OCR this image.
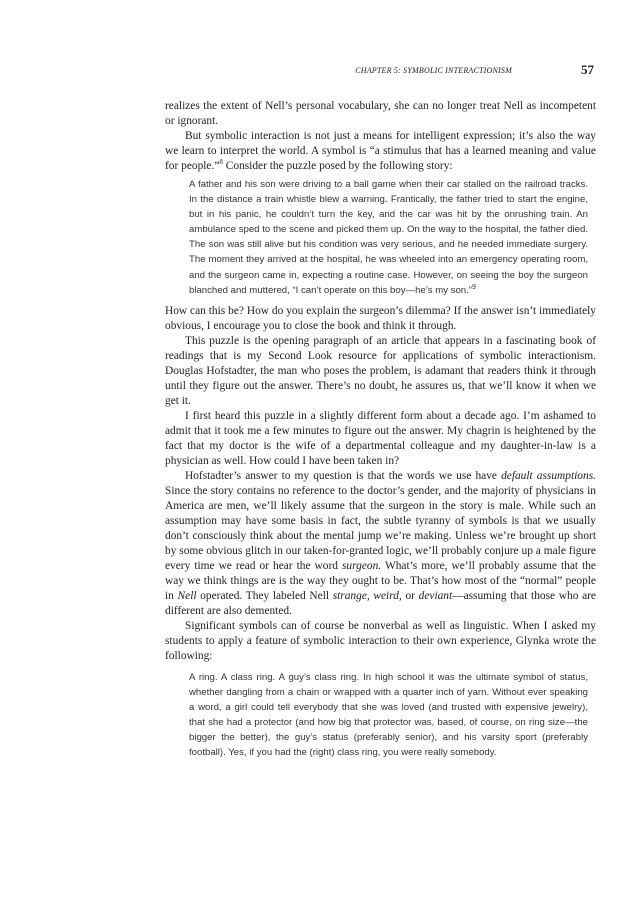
CHAPTER 5: SYMBOLIC INTERACTIONISM	57

realizes the extent of Nell’s personal vocabulary, she can no longer treat Nell as incompetent or ignorant.

But symbolic interaction is not just a means for intelligent expression; it’s also the way we learn to interpret the world. A symbol is “a stimulus that has a learned meaning and value for people.”$^8$ Consider the puzzle posed by the following story:

A father and his son were driving to a ball game when their car stalled on the railroad tracks. In the distance a train whistle blew a warning. Frantically, the father tried to start the engine, but in his panic, he couldn’t turn the key, and the car was hit by the onrushing train. An ambulance sped to the scene and picked them up. On the way to the hospital, the father died. The son was still alive but his condition was very serious, and he needed immediate surgery. The moment they arrived at the hospital, he was wheeled into an emergency operating room, and the surgeon came in, expecting a routine case. However, on seeing the boy the surgeon blanched and muttered, “I can’t operate on this boy—he’s my son.”$^9$

How can this be? How do you explain the surgeon’s dilemma? If the answer isn’t immediately obvious, I encourage you to close the book and think it through.

This puzzle is the opening paragraph of an article that appears in a fascinating book of readings that is my Second Look resource for applications of symbolic interactionism. Douglas Hofstadter, the man who poses the problem, is adamant that readers think it through until they figure out the answer. There’s no doubt, he assures us, that we’ll know it when we get it.

I first heard this puzzle in a slightly different form about a decade ago. I’m ashamed to admit that it took me a few minutes to figure out the answer. My chagrin is heightened by the fact that my doctor is the wife of a departmental colleague and my daughter-in-law is a physician as well. How could I have been taken in?

Hofstadter’s answer to my question is that the words we use have default assumptions. Since the story contains no reference to the doctor’s gender, and the majority of physicians in America are men, we’ll likely assume that the surgeon in the story is male. While such an assumption may have some basis in fact, the subtle tyranny of symbols is that we usually don’t consciously think about the mental jump we’re making. Unless we’re brought up short by some obvious glitch in our taken-for-granted logic, we’ll probably conjure up a male figure every time we read or hear the word surgeon. What’s more, we’ll probably assume that the way we think things are is the way they ought to be. That’s how most of the “normal” people in Nell operated. They labeled Nell strange, weird, or deviant—assuming that those who are different are also demented.

Significant symbols can of course be nonverbal as well as linguistic. When I asked my students to apply a feature of symbolic interaction to their own experience, Glynka wrote the following:

A ring. A class ring. A guy’s class ring. In high school it was the ultimate symbol of status, whether dangling from a chain or wrapped with a quarter inch of yarn. Without ever speaking a word, a girl could tell everybody that she was loved (and trusted with expensive jewelry), that she had a protector (and how big that protector was, based, of course, on ring size—the bigger the better), the guy’s status (preferably senior), and his varsity sport (preferably football). Yes, if you had the (right) class ring, you were really somebody.
